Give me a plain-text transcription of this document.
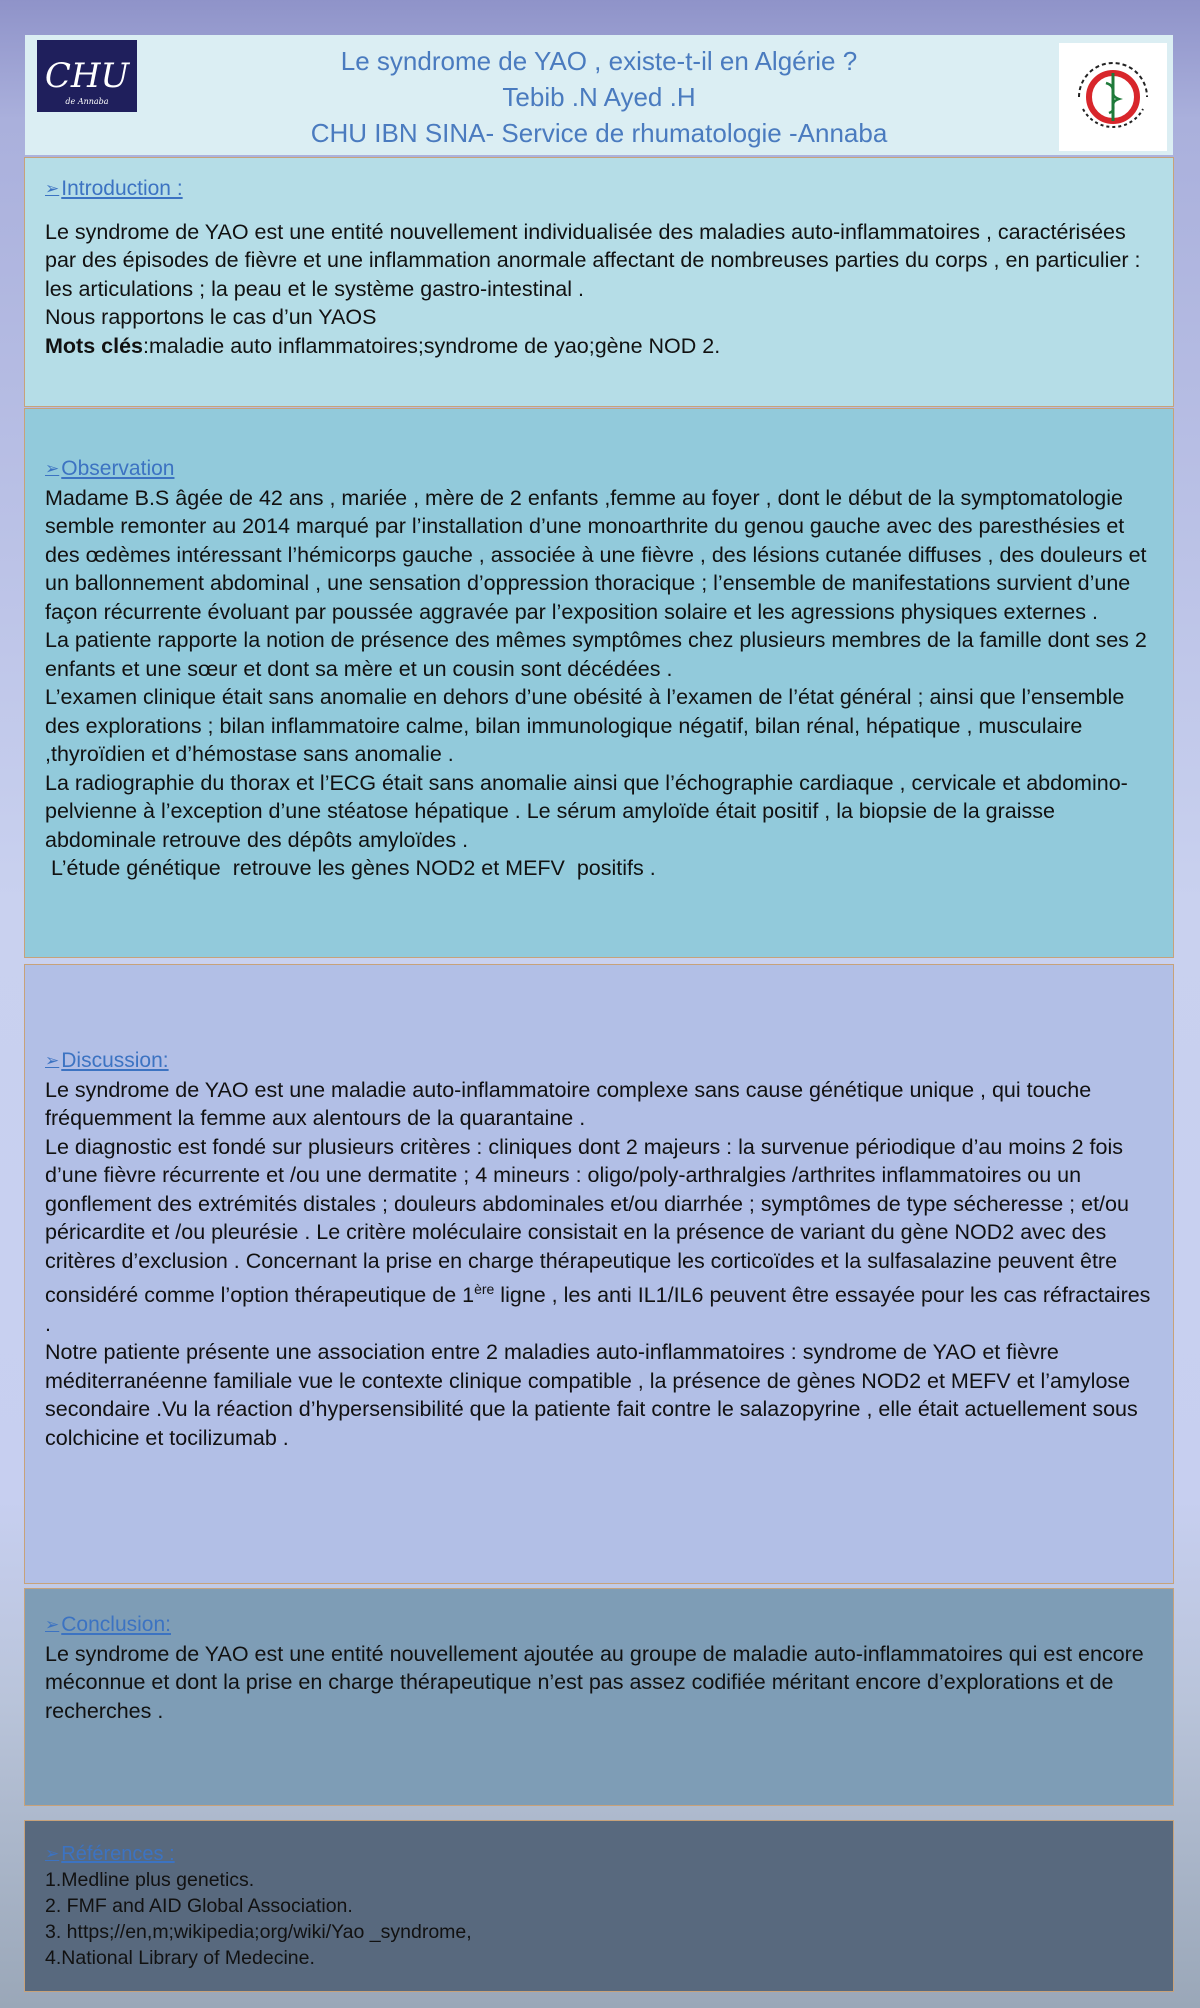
CHU
de Annaba
Le syndrome de YAO , existe-t-il en Algérie ?
Tebib .N Ayed .H
CHU IBN SINA- Service de rhumatologie -Annaba
➢ Introduction :

Le syndrome de YAO est une entité nouvellement individualisée des maladies auto-inflammatoires , caractérisées par des épisodes de fièvre et une inflammation anormale affectant de nombreuses parties du corps , en particulier : les articulations ; la peau et le système gastro-intestinal .

Nous rapportons le cas d’un YAOS

Mots clés:maladie auto inflammatoires;syndrome de yao;gène NOD 2.

➢ Observation

Madame B.S âgée de 42 ans , mariée , mère de 2 enfants ,femme au foyer , dont le début de la symptomatologie semble remonter au 2014 marqué par l’installation d’une monoarthrite du genou gauche avec des paresthésies et des œdèmes intéressant l’hémicorps gauche , associée à une fièvre , des lésions cutanée diffuses , des douleurs et un ballonnement abdominal , une sensation d’oppression thoracique ; l’ensemble de manifestations survient d’une façon récurrente évoluant par poussée aggravée par l’exposition solaire et les agressions physiques externes .

La patiente rapporte la notion de présence des mêmes symptômes chez plusieurs membres de la famille dont ses 2 enfants et une sœur et dont sa mère et un cousin sont décédées .

L’examen clinique était sans anomalie en dehors d’une obésité à l’examen de l’état général ; ainsi que l’ensemble des explorations ; bilan inflammatoire calme, bilan immunologique négatif, bilan rénal, hépatique , musculaire ,thyroïdien et d’hémostase sans anomalie .

La radiographie du thorax et l’ECG était sans anomalie ainsi que l’échographie cardiaque , cervicale et abdomino-pelvienne à l’exception d’une stéatose hépatique . Le sérum amyloïde était positif , la biopsie de la graisse abdominale retrouve des dépôts amyloïdes .

L’étude génétique  retrouve les gènes NOD2 et MEFV  positifs .

➢ Discussion:

Le syndrome de YAO est une maladie auto-inflammatoire complexe sans cause génétique unique , qui touche fréquemment la femme aux alentours de la quarantaine .

Le diagnostic est fondé sur plusieurs critères : cliniques dont 2 majeurs : la survenue périodique d’au moins 2 fois d’une fièvre récurrente et /ou une dermatite ; 4 mineurs : oligo/poly-arthralgies /arthrites inflammatoires ou un gonflement des extrémités distales ; douleurs abdominales et/ou diarrhée ; symptômes de type sécheresse ; et/ou péricardite et /ou pleurésie . Le critère moléculaire consistait en la présence de variant du gène NOD2 avec des critères d’exclusion . Concernant la prise en charge thérapeutique les corticoïdes et la sulfasalazine peuvent être considéré comme l’option thérapeutique de 1ère ligne , les anti IL1/IL6 peuvent être essayée pour les cas réfractaires .

Notre patiente présente une association entre 2 maladies auto-inflammatoires : syndrome de YAO et fièvre méditerranéenne familiale vue le contexte clinique compatible , la présence de gènes NOD2 et MEFV et l’amylose secondaire .Vu la réaction d’hypersensibilité que la patiente fait contre le salazopyrine , elle était actuellement sous colchicine et tocilizumab .

➢ Conclusion:

Le syndrome de YAO est une entité nouvellement ajoutée au groupe de maladie auto-inflammatoires qui est encore méconnue et dont la prise en charge thérapeutique n’est pas assez codifiée méritant encore d’explorations et de recherches .

➢ Références :
1.Medline plus genetics.
2. FMF and AID Global Association.
3. https;//en,m;wikipedia;org/wiki/Yao _syndrome,
4.National Library of Medecine.
